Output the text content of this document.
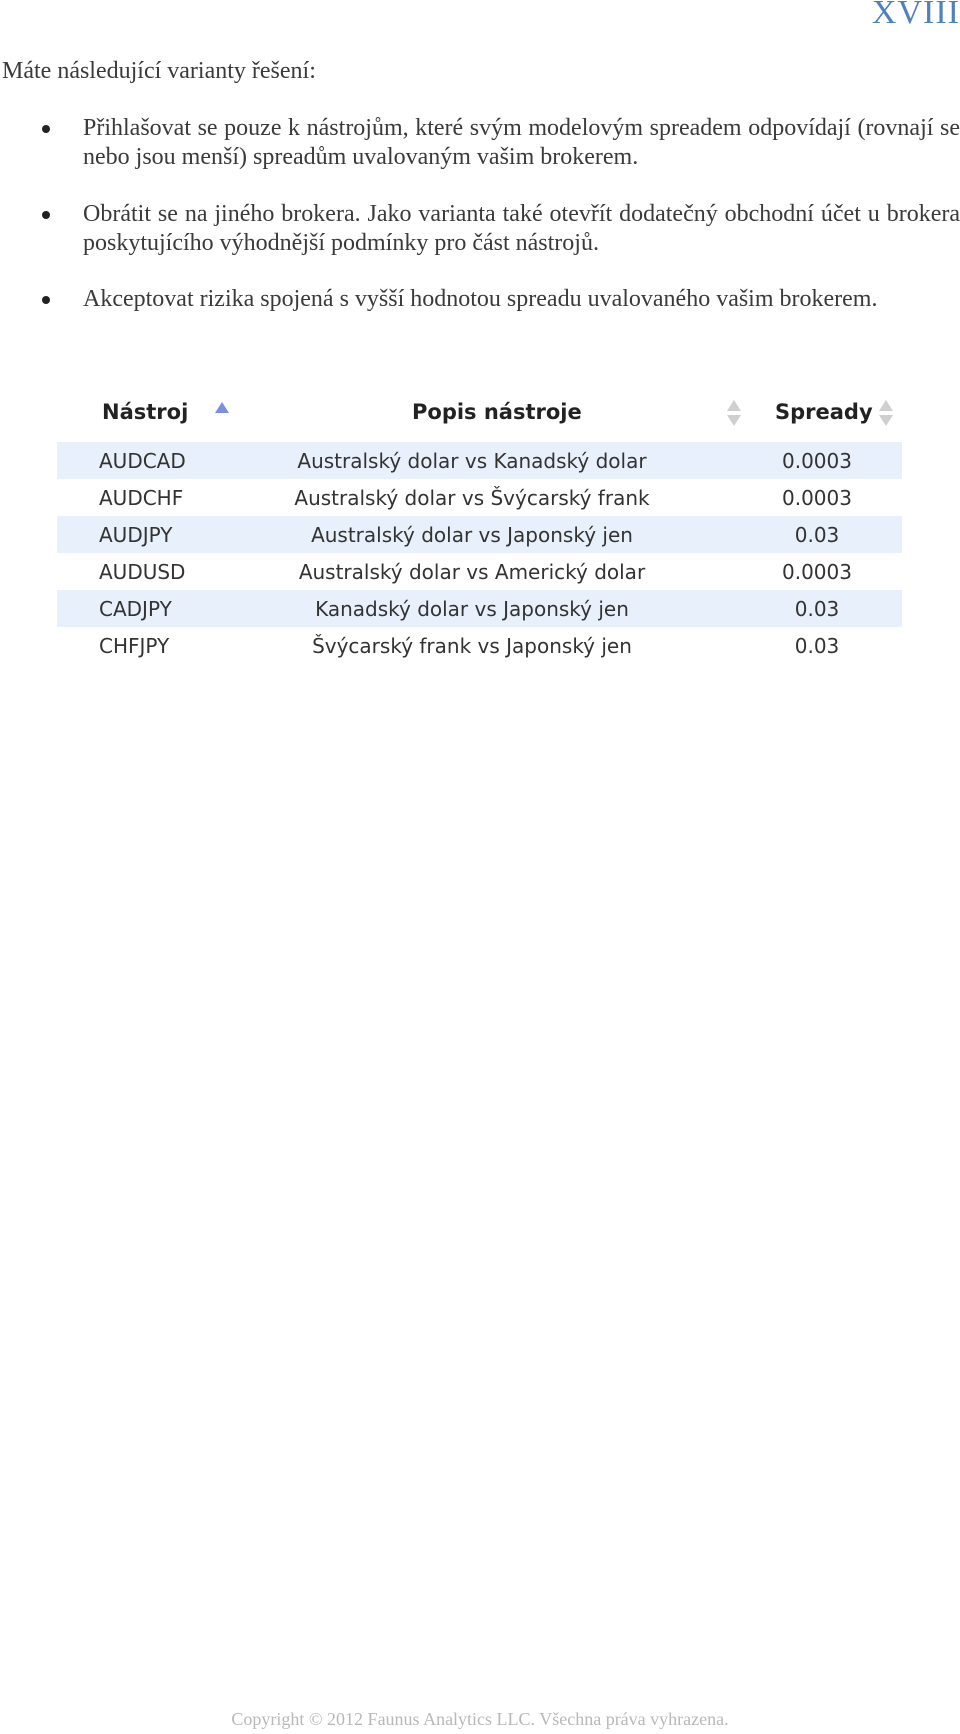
XVIII

Máte následující varianty řešení:

Přihlašovat se pouze k nástrojům, které svým modelovým spreadem odpovídají (rovnají se nebo jsou menší) spreadům uvalovaným vašim brokerem.
Obrátit se na jiného brokera. Jako varianta také otevřít dodatečný obchodní účet u brokera poskytujícího výhodnější podmínky pro část nástrojů.
Akceptovat rizika spojená s vyšší hodnotou spreadu uvalovaného vašim brokerem.
Nástroj	Popis nástroje	Spready
AUDCAD	Australský dolar vs Kanadský dolar	0.0003
AUDCHF	Australský dolar vs Švýcarský frank	0.0003
AUDJPY	Australský dolar vs Japonský jen	0.03
AUDUSD	Australský dolar vs Americký dolar	0.0003
CADJPY	Kanadský dolar vs Japonský jen	0.03
CHFJPY	Švýcarský frank vs Japonský jen	0.03
Copyright © 2012 Faunus Analytics LLC. Všechna práva vyhrazena.
